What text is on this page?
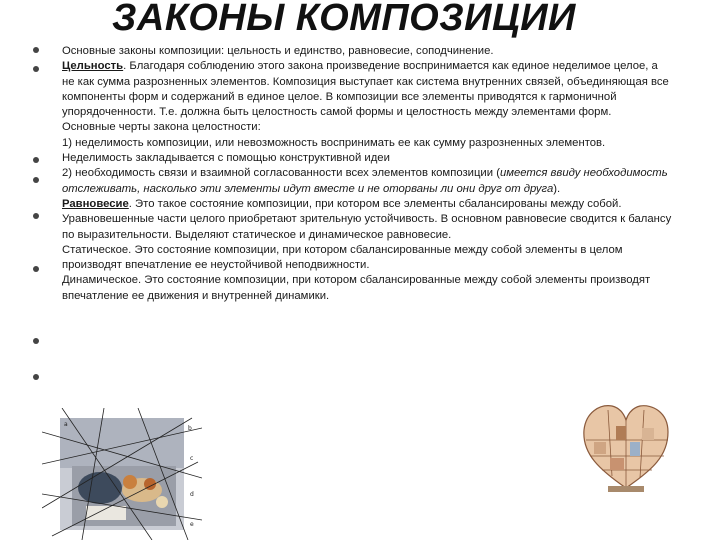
ЗАКОНЫ КОМПОЗИЦИИ

Основные законы композиции: цельность и единство, равновесие, соподчинение.

Цельность. Благодаря соблюдению этого закона произведение воспринимается как единое неделимое целое, а не как сумма разрозненных элементов. Композиция выступает как система внутренних связей, объединяющая все компоненты форм и содержаний в единое целое. В композиции все элементы приводятся к гармоничной упорядоченности. Т.е. должна быть целостность самой формы и целостность между элементами форм.

Основные черты закона целостности:

1) неделимость композиции, или невозможность воспринимать ее как сумму разрозненных элементов. Неделимость закладывается с помощью конструктивной идеи

2) необходимость связи и взаимной согласованности всех элементов композиции (имеется ввиду необходимость отслеживать, насколько эти элементы идут вместе и не оторваны ли они друг от друга).

Равновесие. Это такое состояние композиции, при котором все элементы сбалансированы между собой. Уравновешенные части целого приобретают зрительную устойчивость. В основном равновесие сводится к балансу по выразительности. Выделяют статическое и динамическое равновесие.

Статическое. Это состояние композиции, при котором сбалансированные между собой элементы в целом производят впечатление ее неустойчивой неподвижности.

Динамическое. Это состояние композиции, при котором сбалансированные между собой элементы производят впечатление ее движения и внутренней динамики.

а
b
c
d
e
